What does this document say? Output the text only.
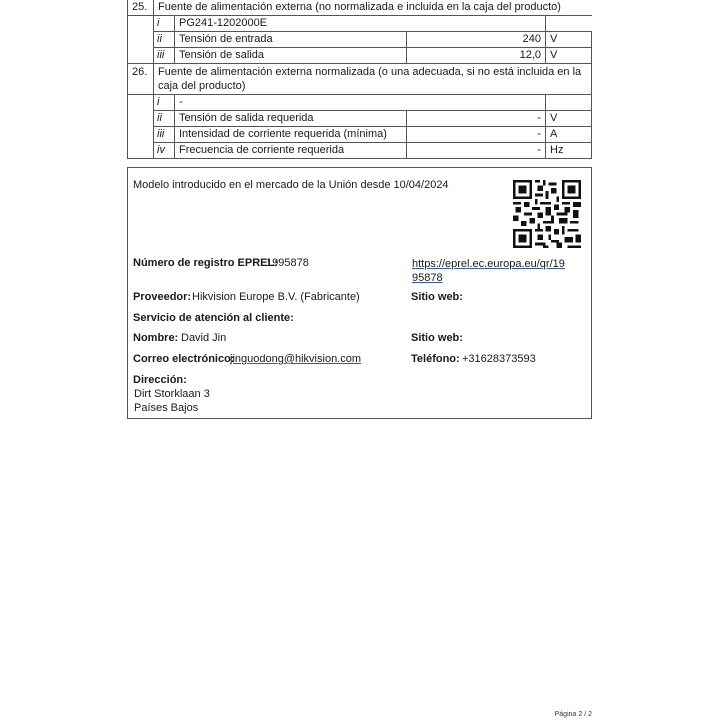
25.	Fuente de alimentación externa (no normalizada e incluida en la caja del producto)			
	i	PG241-1202000E		
	ii	Tensión de entrada	240	V
	iii	Tensión de salida	12,0	V
26.	Fuente de alimentación externa normalizada (o una adecuada, si no está incluida en la caja del producto)			
	i	-		
	ii	Tensión de salida requerida	-	V
	iii	Intensidad de corriente requerida (mínima)	-	A
	iv	Frecuencia de corriente requerida	-	Hz
Modelo introducido en el mercado de la Unión desde 10/04/2024
Número de registro EPREL:
1995878	https://eprel.ec.europa.eu/qr/19
95878
Proveedor: Hikvision Europe B.V. (Fabricante)	Sitio web:
Servicio de atención al cliente:
Nombre: David Jin	Sitio web:
Correo electrónico:
jinguodong@hikvision.com	Teléfono: +31628373593
Dirección:
Dirt Storklaan 3
Países Bajos
Página 2 / 2
